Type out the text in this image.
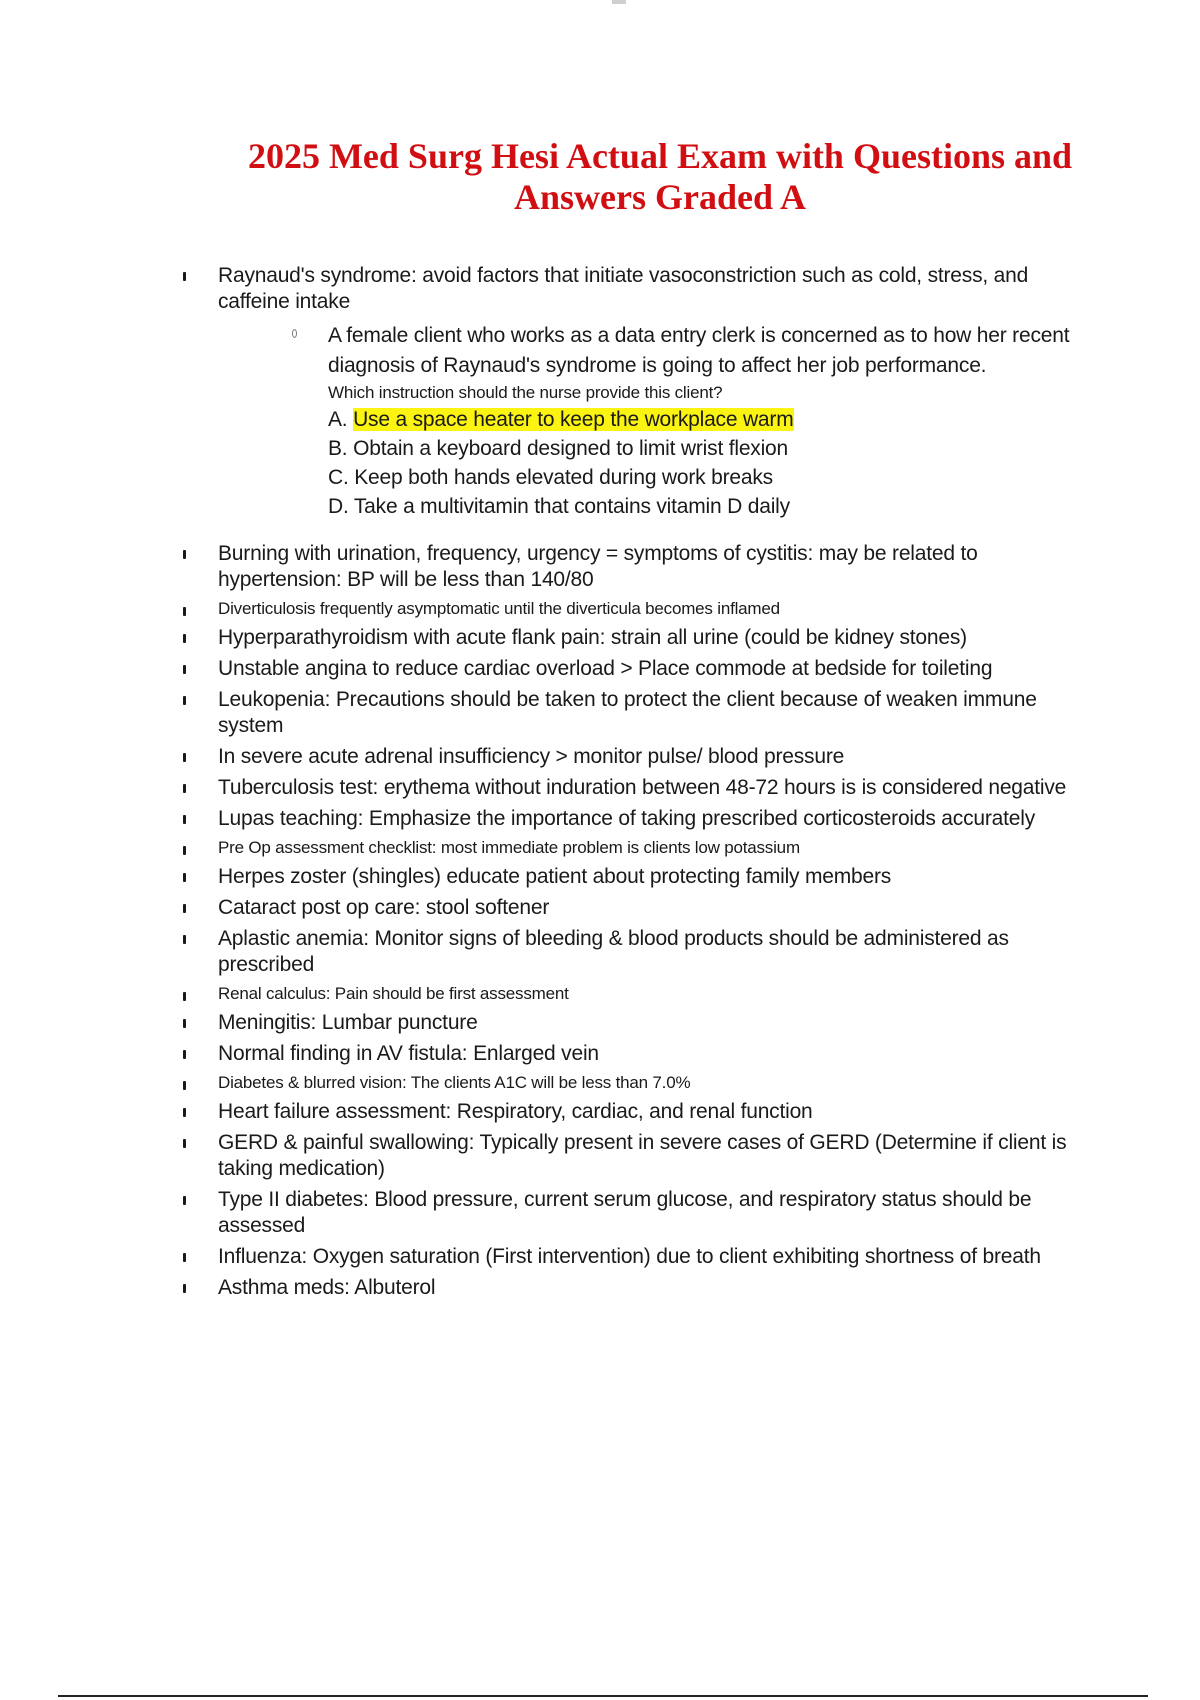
2025 Med Surg Hesi Actual Exam with Questions and
Answers Graded A
Raynaud's syndrome: avoid factors that initiate vasoconstriction such as cold, stress, and caffeine intake
A female client who works as a data entry clerk is concerned as to how her recent diagnosis of Raynaud's syndrome is going to affect her job performance.
Which instruction should the nurse provide this client?
A. Use a space heater to keep the workplace warm
B. Obtain a keyboard designed to limit wrist flexion
C. Keep both hands elevated during work breaks
D. Take a multivitamin that contains vitamin D daily
Burning with urination, frequency, urgency = symptoms of cystitis: may be related to hypertension: BP will be less than 140/80
Diverticulosis frequently asymptomatic until the diverticula becomes inflamed
Hyperparathyroidism with acute flank pain: strain all urine (could be kidney stones)
Unstable angina to reduce cardiac overload > Place commode at bedside for toileting
Leukopenia: Precautions should be taken to protect the client because of weaken immune system
In severe acute adrenal insufficiency > monitor pulse/ blood pressure
Tuberculosis test: erythema without induration between 48-72 hours is is considered negative
Lupas teaching: Emphasize the importance of taking prescribed corticosteroids accurately
Pre Op assessment checklist: most immediate problem is clients low potassium
Herpes zoster (shingles) educate patient about protecting family members
Cataract post op care: stool softener
Aplastic anemia: Monitor signs of bleeding & blood products should be administered as prescribed
Renal calculus: Pain should be first assessment
Meningitis: Lumbar puncture
Normal finding in AV fistula: Enlarged vein
Diabetes & blurred vision: The clients A1C will be less than 7.0%
Heart failure assessment: Respiratory, cardiac, and renal function
GERD & painful swallowing: Typically present in severe cases of GERD (Determine if client is taking medication)
Type II diabetes: Blood pressure, current serum glucose, and respiratory status should be assessed
Influenza: Oxygen saturation (First intervention) due to client exhibiting shortness of breath
Asthma meds: Albuterol
